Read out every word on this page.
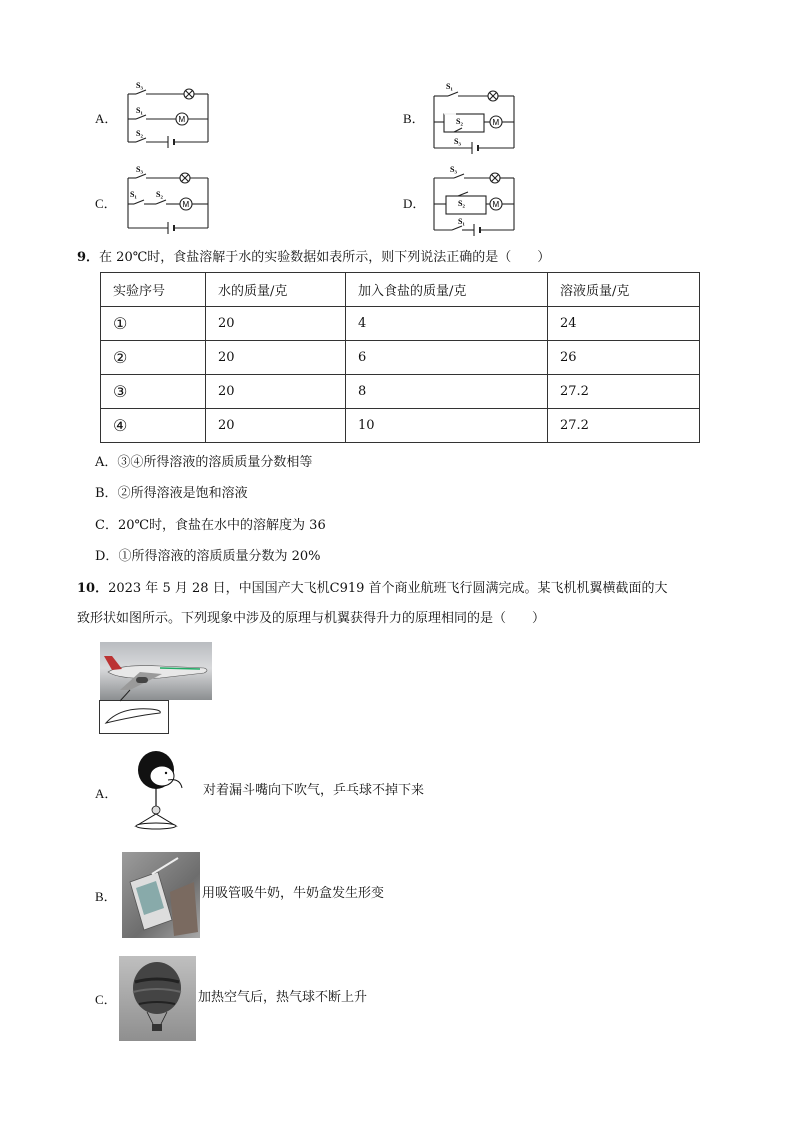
A．
S₃
S₁
S₂
M	B．
S₁
S₂
S₃
M
C．
S₃
S₁ S₂
M	D．
S₃
S₂
S₁
M
9．在 20℃时，食盐溶解于水的实验数据如表所示，则下列说法正确的是（　　）
实验序号	水的质量/克	加入食盐的质量/克	溶液质量/克
①	20	4	24
②	20	6	26
③	20	8	27.2
④	20	10	27.2
A．③④所得溶液的溶质质量分数相等
B．②所得溶液是饱和溶液
C．20℃时，食盐在水中的溶解度为 36
D．①所得溶液的溶质质量分数为 20%
10．2023 年 5 月 28 日，中国国产大飞机C919 首个商业航班飞行圆满完成。某飞机机翼横截面的大
致形状如图所示。下列现象中涉及的原理与机翼获得升力的原理相同的是（　　）
A．	对着漏斗嘴向下吹气，乒乓球不掉下来
B．	用吸管吸牛奶，牛奶盒发生形变
C．	加热空气后，热气球不断上升
